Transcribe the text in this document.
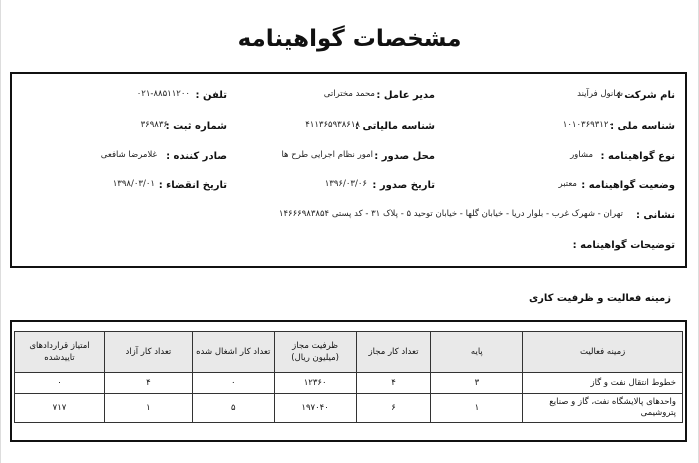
مشخصات گواهینامه
نام شرکت :
شانول فرآیند
مدیر عامل :
محمد مختراتی
تلفن :
۰۲۱-۸۸۵۱۱۲۰۰
شناسه ملی :
۱۰۱۰۳۶۹۳۱۲۰
شناسه مالیاتی :
۴۱۱۳۶۵۹۳۸۶۱۸
شماره ثبت :
۳۶۹۸۳۶
نوع گواهینامه :
مشاور
محل صدور :
امور نظام اجرایی طرح ها
صادر کننده :
غلامرضا شافعی
وضعیت گواهینامه :
معتبر
تاریخ صدور :
۱۳۹۶/۰۳/۰۶
تاریخ انقضاء :
۱۳۹۸/۰۳/۰۱
نشانی :
تهران - شهرک غرب - بلوار دریا - خیابان گلها - خیابان توحید ۵ - پلاک ۳۱ - کد پستی ۱۴۶۶۶۹۸۳۸۵۴
توضیحات گواهینامه :
زمینه فعالیت و ظرفیت کاری
زمینه فعالیت	پایه	تعداد کار مجاز	ظرفیت مجاز (میلیون ریال)	تعداد کار اشغال شده	تعداد کار آزاد	امتیاز قراردادهای تاییدشده
خطوط انتقال نفت و گاز	۳	۴	۱۲۳۶۰	۰	۴	۰
واحدهای پالایشگاه نفت، گاز و صنایع پتروشیمی	۱	۶	۱۹۷۰۴۰	۵	۱	۷۱۷
